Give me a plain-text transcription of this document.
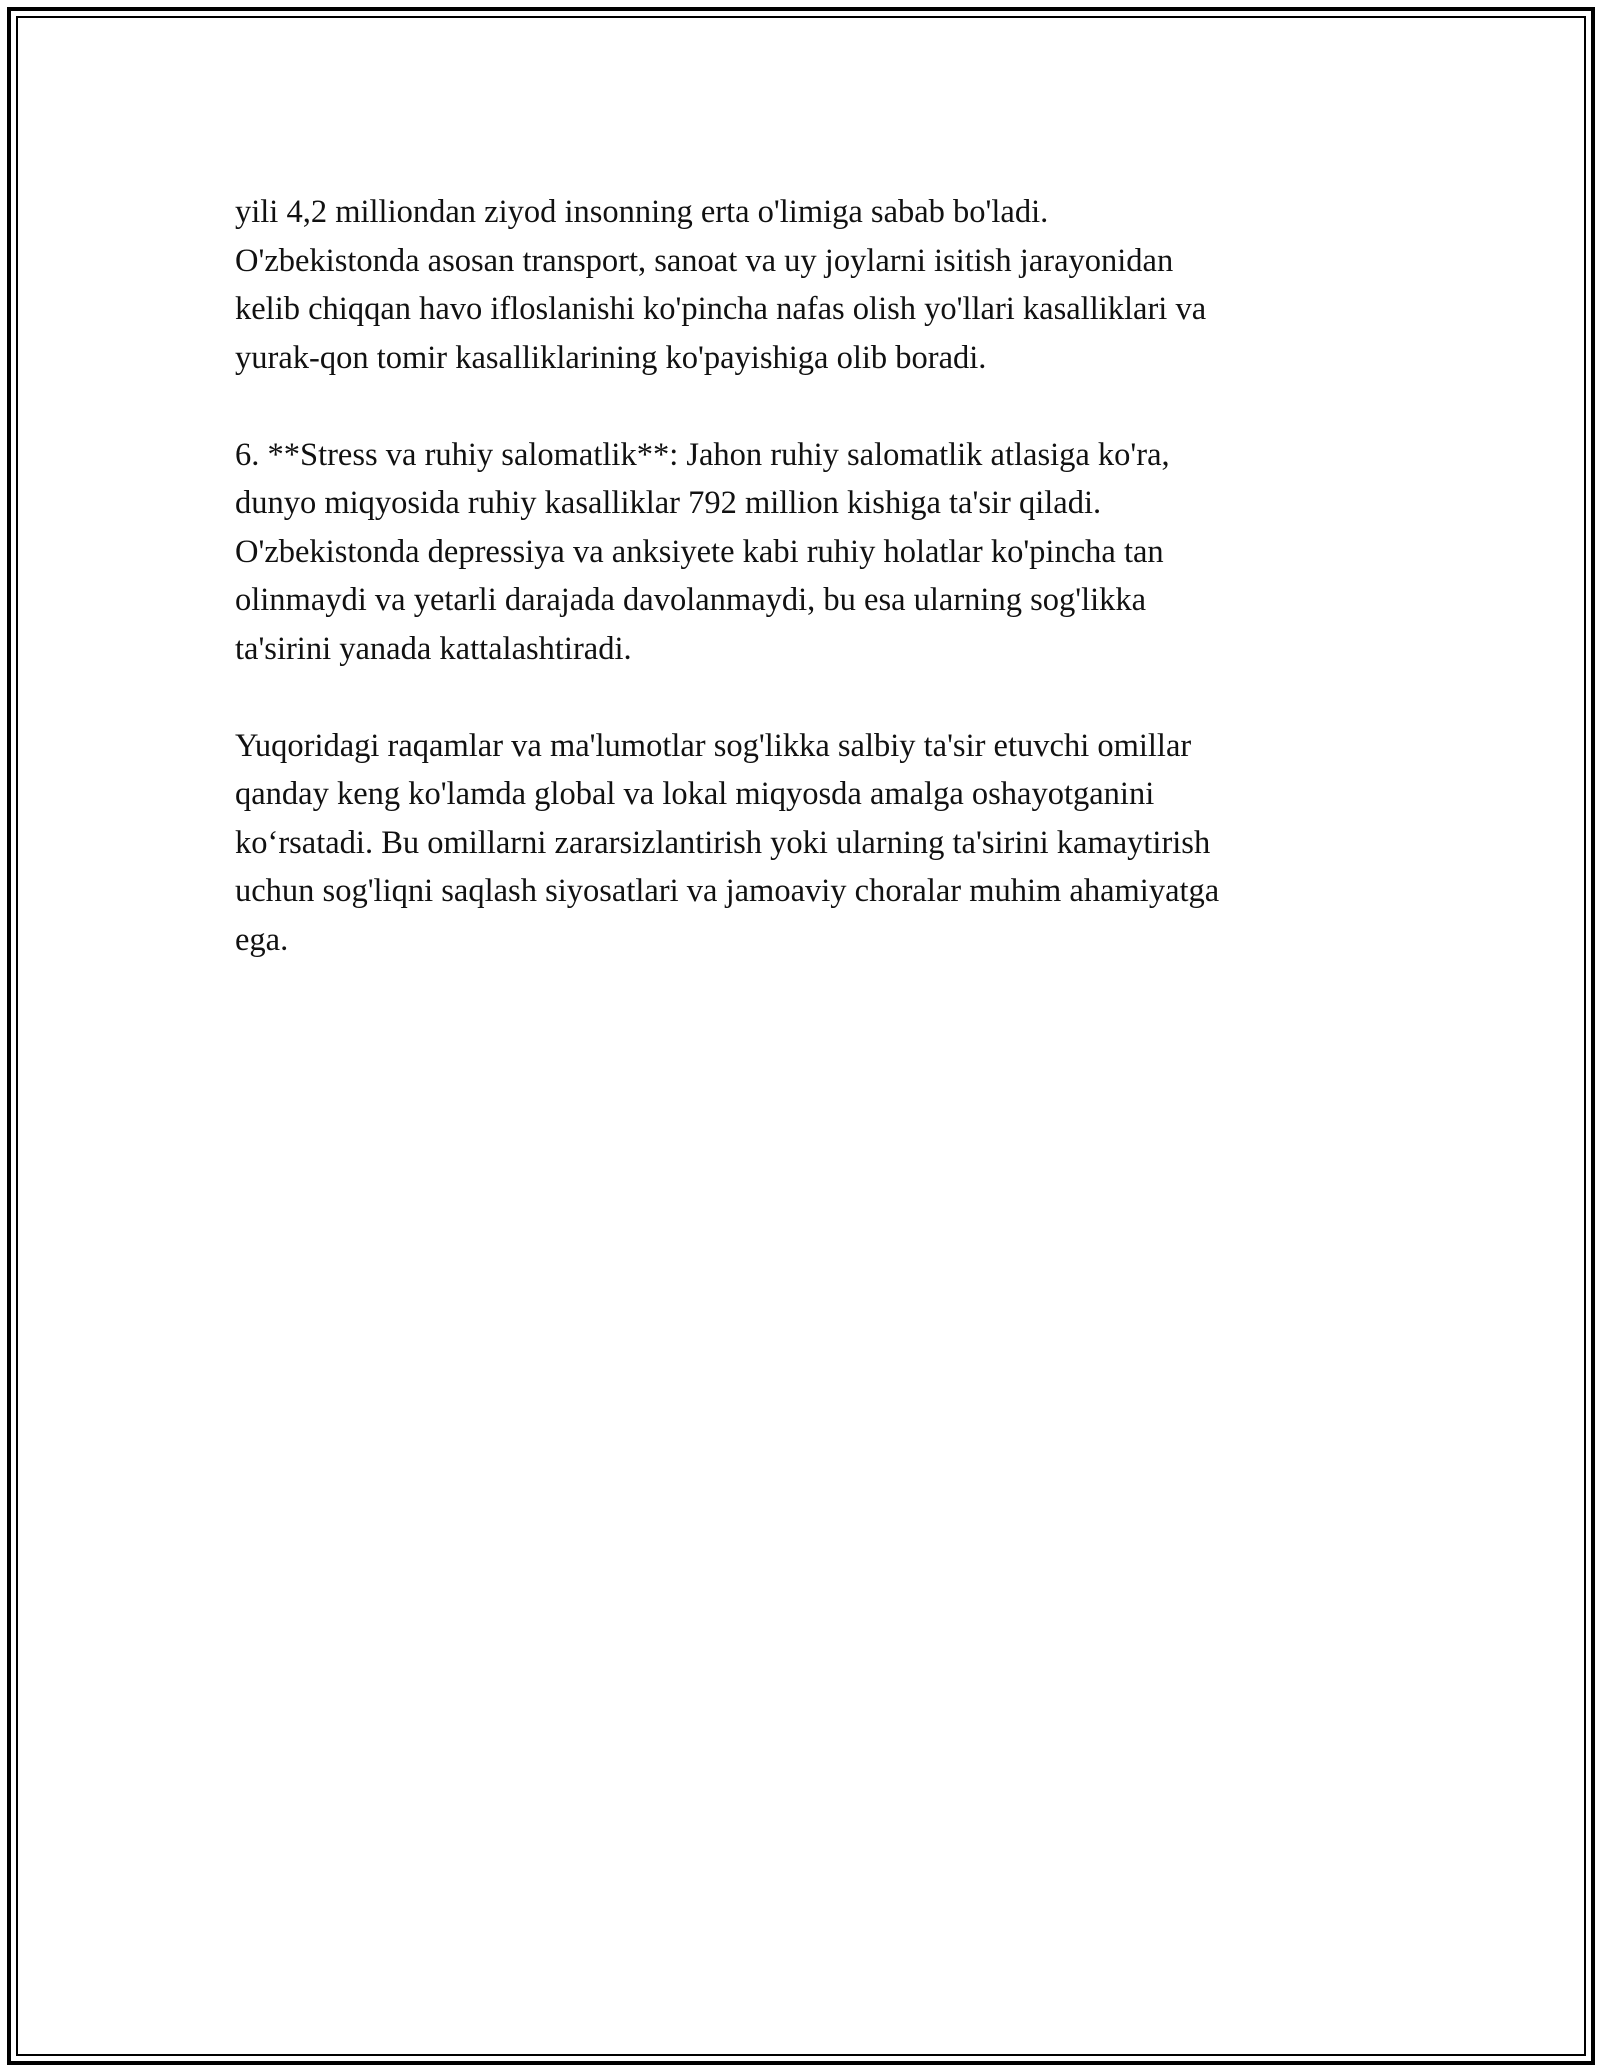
yili 4,2 milliondan ziyod insonning erta o'limiga sabab bo'ladi.
O'zbekistonda asosan transport, sanoat va uy joylarni isitish jarayonidan
kelib chiqqan havo ifloslanishi ko'pincha nafas olish yo'llari kasalliklari va
yurak-qon tomir kasalliklarining ko'payishiga olib boradi.

6. **Stress va ruhiy salomatlik**: Jahon ruhiy salomatlik atlasiga ko'ra,
dunyo miqyosida ruhiy kasalliklar 792 million kishiga ta'sir qiladi.
O'zbekistonda depressiya va anksiyete kabi ruhiy holatlar ko'pincha tan
olinmaydi va yetarli darajada davolanmaydi, bu esa ularning sog'likka
ta'sirini yanada kattalashtiradi.

Yuqoridagi raqamlar va ma'lumotlar sog'likka salbiy ta'sir etuvchi omillar
qanday keng ko'lamda global va lokal miqyosda amalga oshayotganini
ko‘rsatadi. Bu omillarni zararsizlantirish yoki ularning ta'sirini kamaytirish
uchun sog'liqni saqlash siyosatlari va jamoaviy choralar muhim ahamiyatga
ega.
